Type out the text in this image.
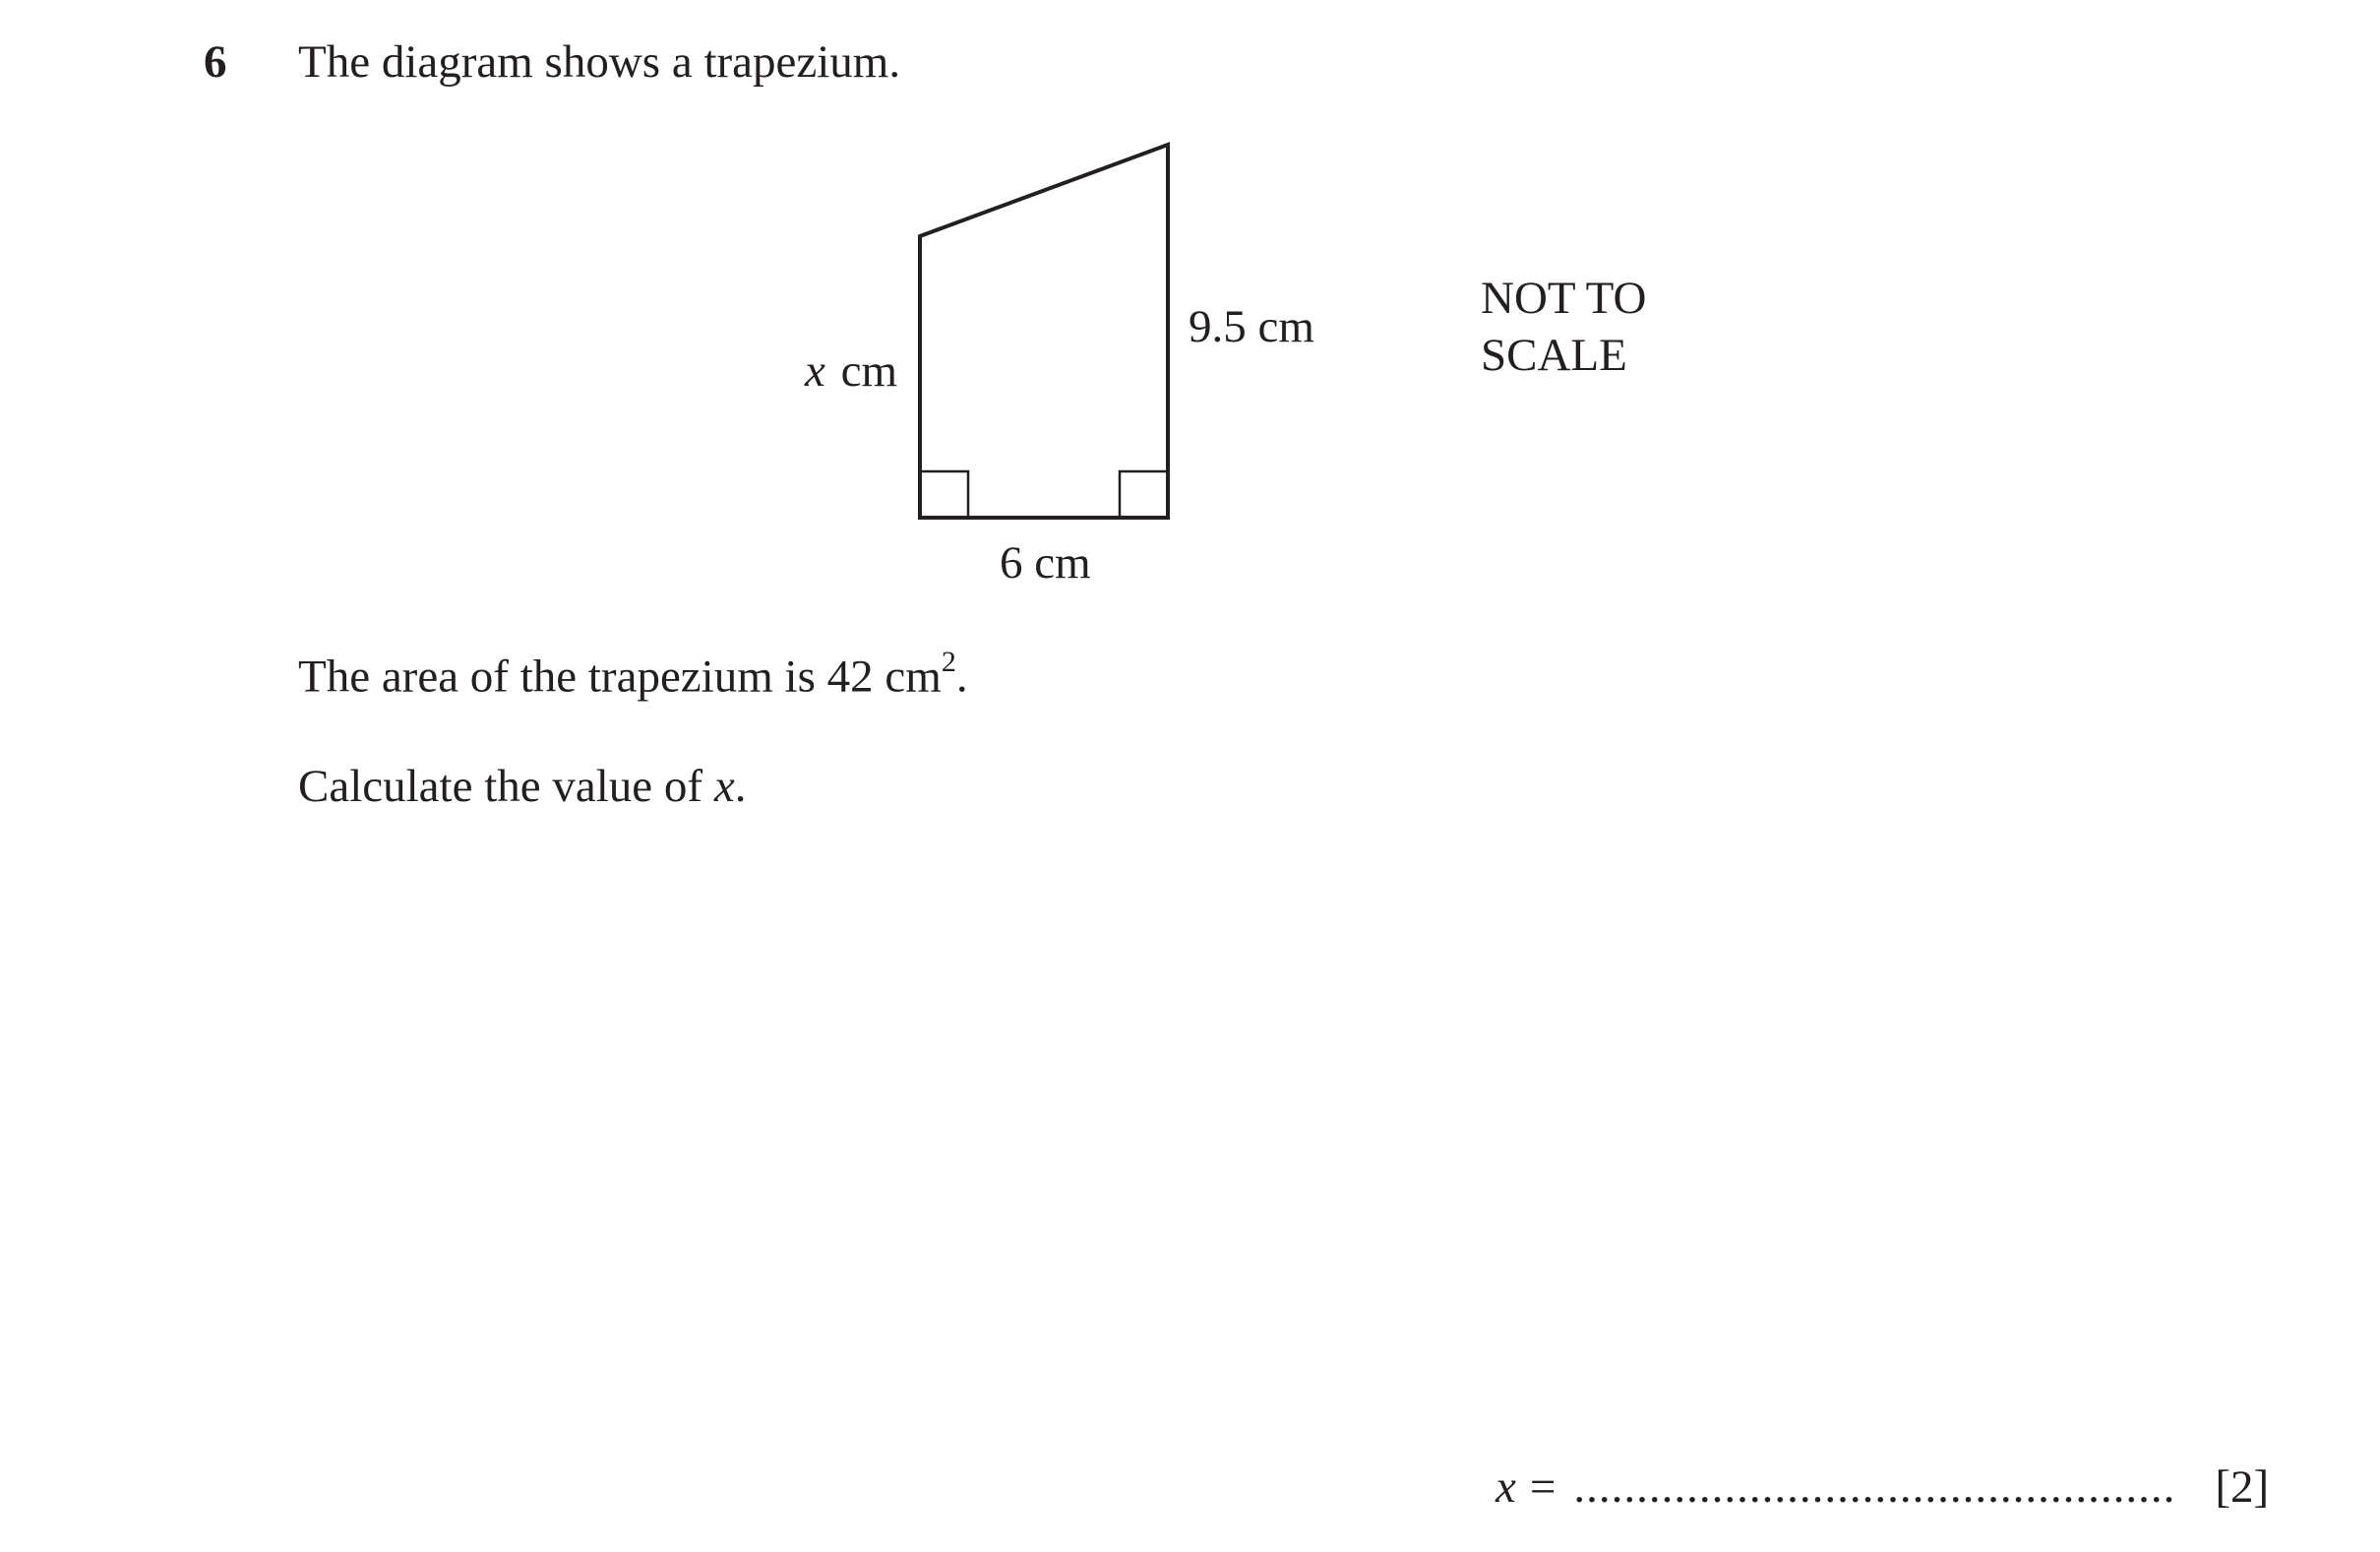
6 The diagram shows a trapezium.
x cm
9.5 cm
6 cm
NOT TO
SCALE
The area of the trapezium is 42 $cm^2$.
Calculate the value of x.
x = ................................................ [2]
